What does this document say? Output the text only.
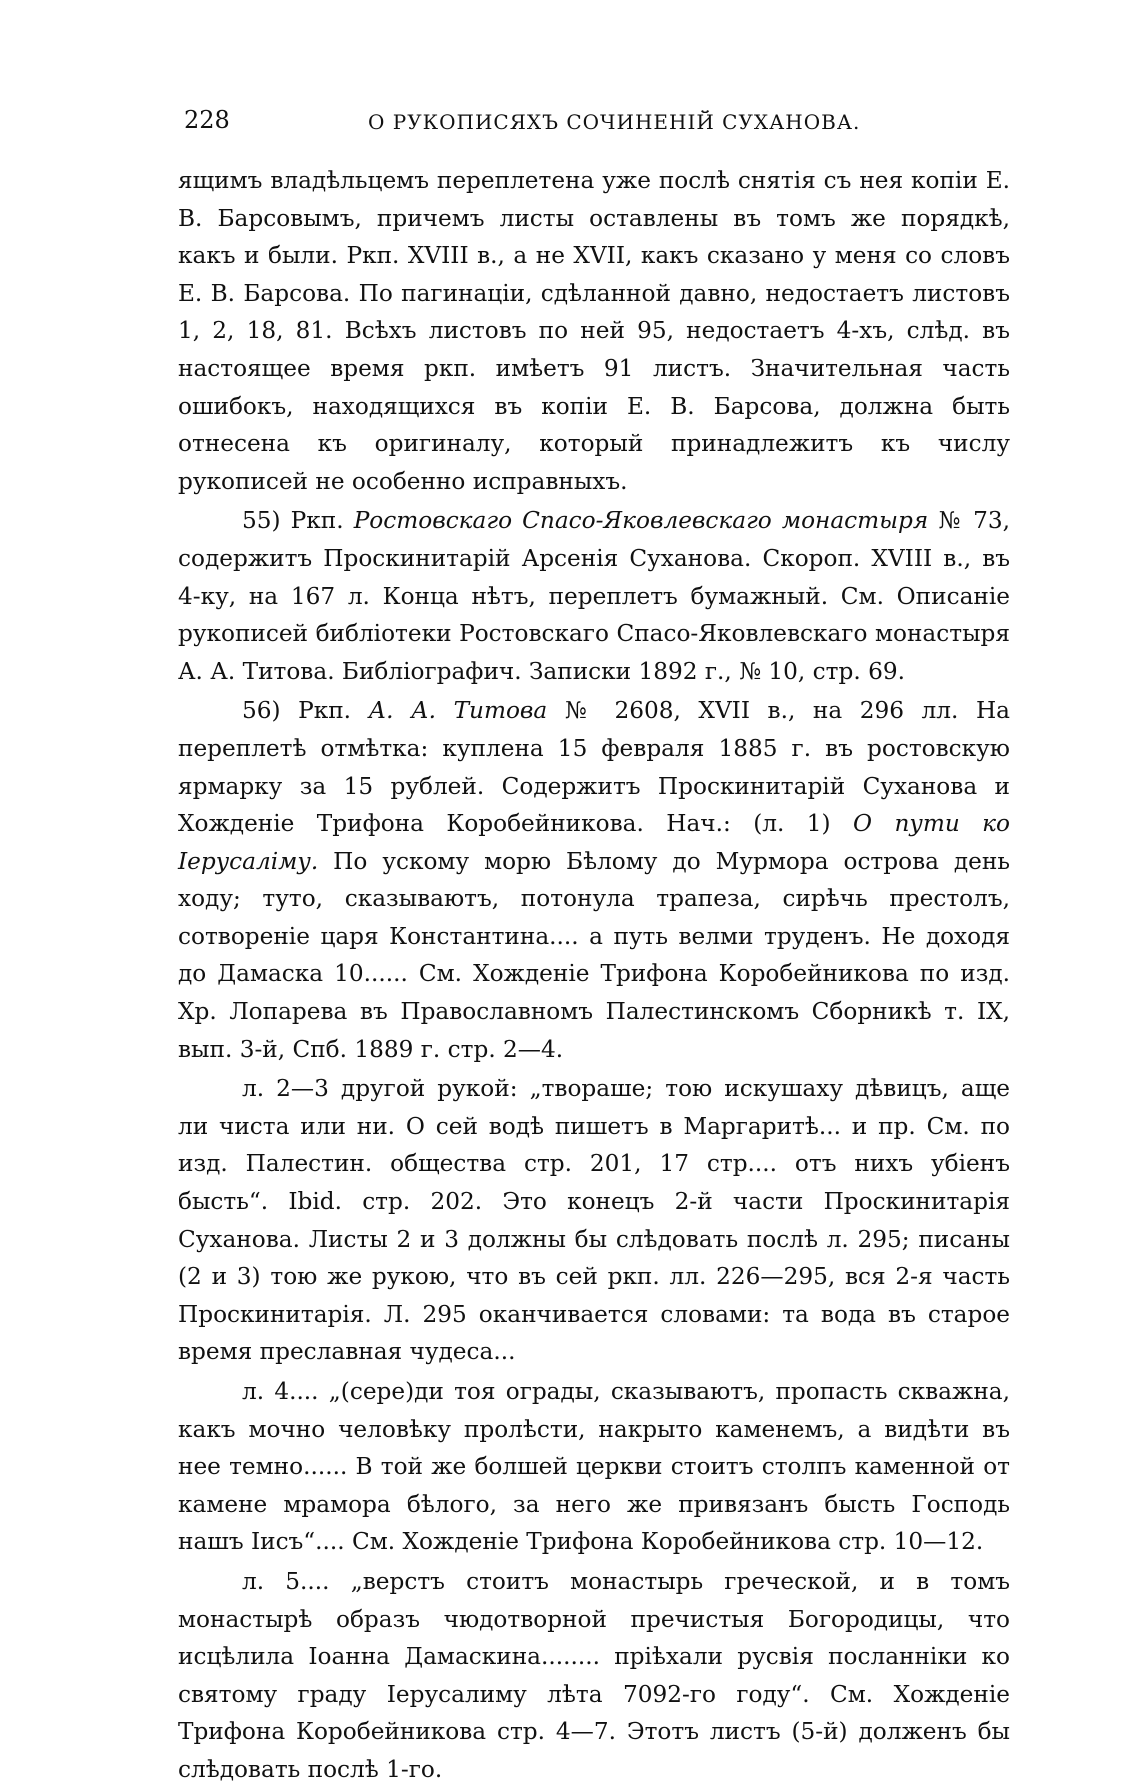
228	О РУКОПИСЯХЪ СОЧИНЕНІЙ СУХАНОВА.

ящимъ владѣльцемъ переплетена уже послѣ снятія съ нея копіи Е. В. Барсовымъ, причемъ листы оставлены въ томъ же порядкѣ, какъ и были. Ркп. XVIII в., а не XVII, какъ сказано у меня со словъ Е. В. Барсова. По пагинаціи, сдѣланной давно, недостаетъ листовъ 1, 2, 18, 81. Всѣхъ листовъ по ней 95, недостаетъ 4-хъ, слѣд. въ настоящее время ркп. имѣетъ 91 листъ. Значительная часть ошибокъ, находящихся въ копіи Е. В. Барсова, должна быть отнесена къ оригиналу, который принадлежитъ къ числу рукописей не особенно исправныхъ.

55) Ркп. Ростовскаго Спасо-Яковлевскаго монастыря № 73, содержитъ Проскинитарій Арсенія Суханова. Скороп. XVIII в., въ 4-ку, на 167 л. Конца нѣтъ, переплетъ бумажный. См. Описаніе рукописей библіотеки Ростовскаго Спасо-Яковлевскаго монастыря А. А. Титова. Библіографич. Записки 1892 г., № 10, стр. 69.

56) Ркп. А. А. Титова № 2608, XVII в., на 296 лл. На переплетѣ отмѣтка: куплена 15 февраля 1885 г. въ ростовскую ярмарку за 15 рублей. Содержитъ Проскинитарій Суханова и Хожденіе Трифона Коробейникова. Нач.: (л. 1) О пути ко Іерусаліму. По ускому морю Бѣлому до Мурмора острова день ходу; туто, сказываютъ, потонула трапеза, сирѣчь престолъ, сотвореніе царя Константина.... а путь велми труденъ. Не доходя до Дамаска 10...... См. Хожденіе Трифона Коробейникова по изд. Хр. Лопарева въ Православномъ Палестинскомъ Сборникѣ т. IX, вып. 3-й, Спб. 1889 г. стр. 2—4.

л. 2—3 другой рукой: „твораше; тою искушаху дѣвицъ, аще ли чиста или ни. О сей водѣ пишетъ в Маргаритѣ... и пр. См. по изд. Палестин. общества стр. 201, 17 стр.... отъ нихъ убіенъ бысть“. Ibid. стр. 202. Это конецъ 2-й части Проскинитарія Суханова. Листы 2 и 3 должны бы слѣдовать послѣ л. 295; писаны (2 и 3) тою же рукою, что въ сей ркп. лл. 226—295, вся 2-я часть Проскинитарія. Л. 295 оканчивается словами: та вода въ старое время преславная чудеса...

л. 4.... „(сере)ди тоя ограды, сказываютъ, пропасть скважна, какъ мочно человѣку пролѣсти, накрыто каменемъ, а видѣти въ нее темно...... В той же болшей церкви стоитъ столпъ каменной от камене мрамора бѣлого, за него же привязанъ бысть Господь нашъ Іисъ“.... См. Хожденіе Трифона Коробейникова стр. 10—12.

л. 5.... „верстъ стоитъ монастырь греческой, и в томъ монастырѣ образъ чюдотворной пречистыя Богородицы, что исцѣлила Іоанна Дамаскина........ пріѣхали русвія посланніки ко святому граду Іерусалиму лѣта 7092-го году“. См. Хожденіе Трифона Коробейникова стр. 4—7. Этотъ листъ (5-й) долженъ бы слѣдовать послѣ 1-го.
